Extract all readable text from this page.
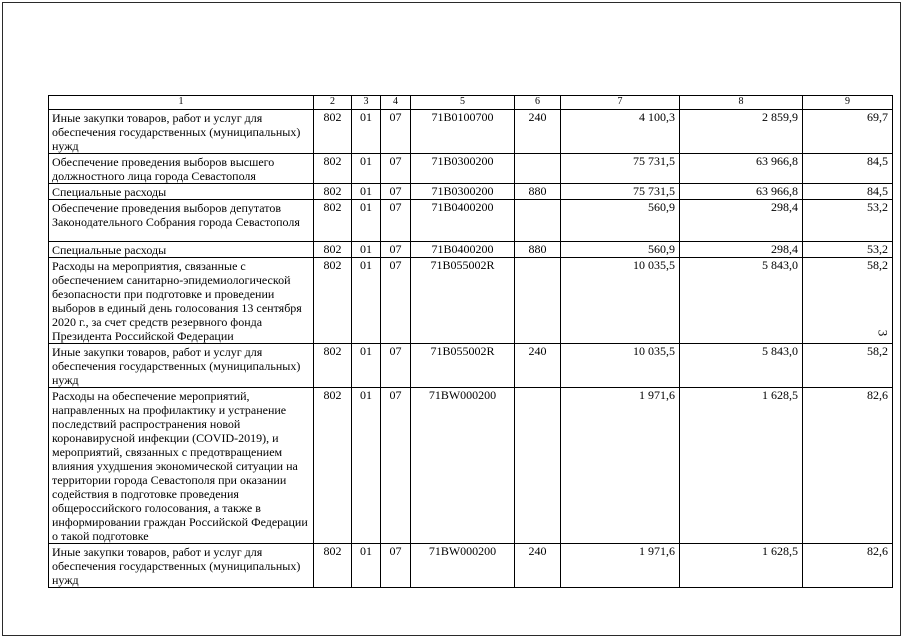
3
1	2	3	4	5	6	7	8	9
Иные закупки товаров, работ и услуг для обеспечения государственных (муниципальных) нужд	802	01	07	71В0100700	240	4 100,3	2 859,9	69,7
Обеспечение проведения выборов высшего должностного лица города Севастополя	802	01	07	71В0300200		75 731,5	63 966,8	84,5
Специальные расходы	802	01	07	71В0300200	880	75 731,5	63 966,8	84,5
Обеспечение проведения выборов депутатов Законодательного Собрания города Севастополя	802	01	07	71В0400200		560,9	298,4	53,2
Специальные расходы	802	01	07	71В0400200	880	560,9	298,4	53,2
Расходы на мероприятия, связанные с обеспечением санитарно-эпидемиологической безопасности при подготовке и проведении выборов в единый день голосования 13 сентября 2020 г., за счет средств резервного фонда Президента Российской Федерации	802	01	07	71В055002R		10 035,5	5 843,0	58,2
Иные закупки товаров, работ и услуг для обеспечения государственных (муниципальных) нужд	802	01	07	71В055002R	240	10 035,5	5 843,0	58,2
Расходы на обеспечение мероприятий, направленных на профилактику и устранение последствий распространения новой коронавирусной инфекции (COVID-2019), и мероприятий, связанных с предотвращением влияния ухудшения экономической ситуации на территории города Севастополя при оказании содействия в подготовке проведения общероссийского голосования, а также в информировании граждан Российской Федерации о такой подготовке	802	01	07	71ВW000200		1 971,6	1 628,5	82,6
Иные закупки товаров, работ и услуг для обеспечения государственных (муниципальных) нужд	802	01	07	71ВW000200	240	1 971,6	1 628,5	82,6
